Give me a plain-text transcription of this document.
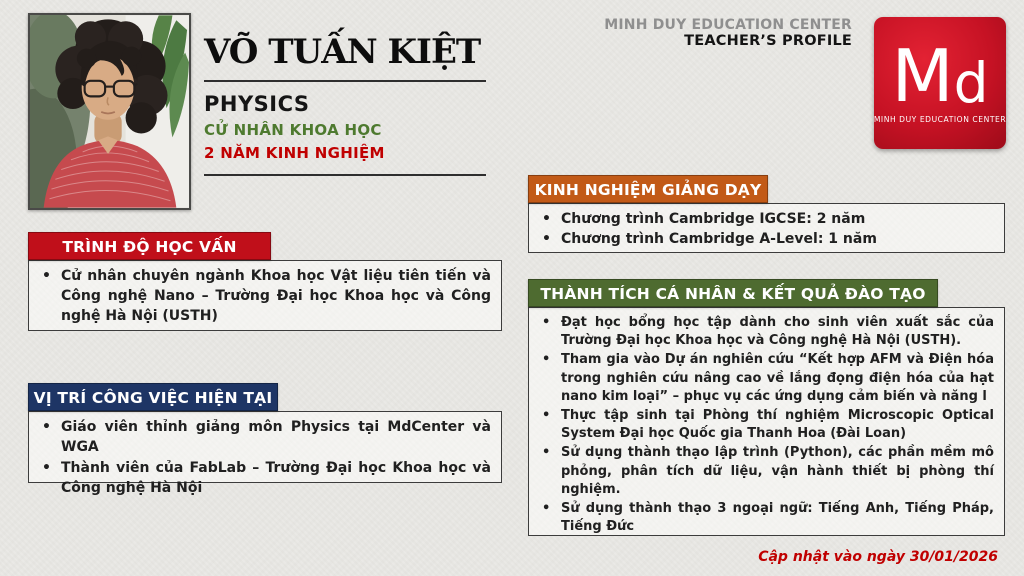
VÕ TUẤN KIỆT
PHYSICS
CỬ NHÂN KHOA HỌC
2 NĂM KINH NGHIỆM
MINH DUY EDUCATION CENTER
TEACHER’S PROFILE M d
MINH DUY EDUCATION CENTER
TRÌNH ĐỘ HỌC VẤN
• Cử nhân chuyên ngành Khoa học Vật liệu tiên tiến và Công nghệ Nano – Trường Đại học Khoa học và Công nghệ Hà Nội (USTH)
VỊ TRÍ CÔNG VIỆC HIỆN TẠI
• Giáo viên thỉnh giảng môn Physics tại MdCenter và WGA
• Thành viên của FabLab – Trường Đại học Khoa học và Công nghệ Hà Nội
KINH NGHIỆM GIẢNG DẠY
• Chương trình Cambridge IGCSE: 2 năm
• Chương trình Cambridge A-Level: 1 năm
THÀNH TÍCH CÁ NHÂN & KẾT QUẢ ĐÀO TẠO
• Đạt học bổng học tập dành cho sinh viên xuất sắc của Trường Đại học Khoa học và Công nghệ Hà Nội (USTH).
• Tham gia vào Dự án nghiên cứu “Kết hợp AFM và Điện hóa trong nghiên cứu nâng cao về lắng đọng điện hóa của hạt nano kim loại” – phục vụ các ứng dụng cảm biến và năng l
• Thực tập sinh tại Phòng thí nghiệm Microscopic Optical System Đại học Quốc gia Thanh Hoa (Đài Loan)
• Sử dụng thành thạo lập trình (Python), các phần mềm mô phỏng, phân tích dữ liệu, vận hành thiết bị phòng thí nghiệm.
• Sử dụng thành thạo 3 ngoại ngữ: Tiếng Anh, Tiếng Pháp, Tiếng Đức
Cập nhật vào ngày 30/01/2026
